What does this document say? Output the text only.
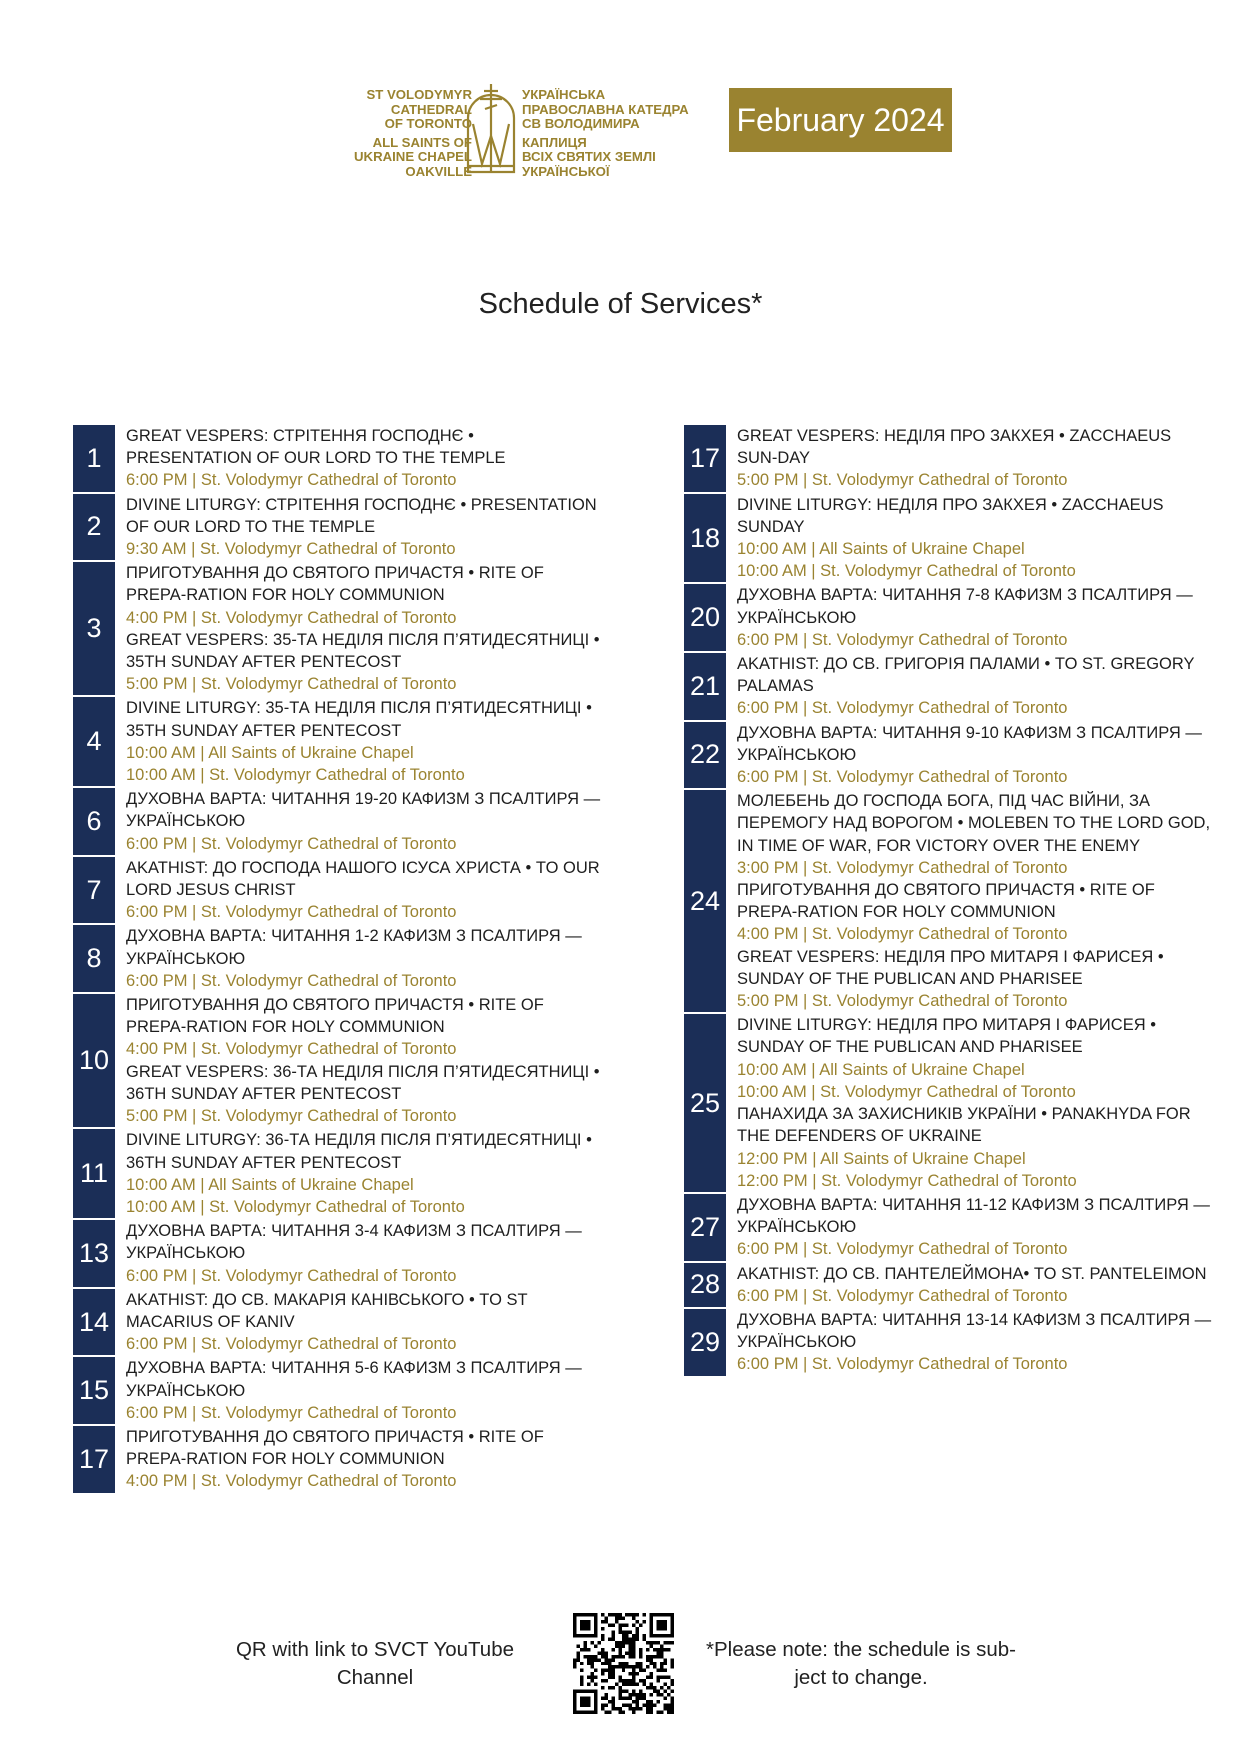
ST VOLODYMYR
CATHEDRAL
OF TORONTO
ALL SAINTS OF
UKRAINE CHAPEL
OAKVILLE
УКРАЇНСЬКА
ПРАВОСЛАВНА КАТЕДРА
СВ ВОЛОДИМИРА
КАПЛИЦЯ
ВСІХ СВЯТИХ ЗЕМЛІ
УКРАЇНСЬКОЇ
February 2024
Schedule of Services*
1
GREAT VESPERS: СТРІТЕННЯ ГОСПОДНЄ • PRESENTATION OF OUR LORD TO THE TEMPLE
6:00 PM | St. Volodymyr Cathedral of Toronto
2
DIVINE LITURGY: СТРІТЕННЯ ГОСПОДНЄ • PRESENTATION OF OUR LORD TO THE TEMPLE
9:30 AM | St. Volodymyr Cathedral of Toronto
3
ПРИГОТУВАННЯ ДО СВЯТОГО ПРИЧАСТЯ • RITE OF PREPA-RATION FOR HOLY COMMUNION
4:00 PM | St. Volodymyr Cathedral of Toronto
GREAT VESPERS: 35-ТА НЕДІЛЯ ПІСЛЯ П’ЯТИДЕСЯТНИЦІ • 35TH SUNDAY AFTER PENTECOST
5:00 PM | St. Volodymyr Cathedral of Toronto
4
DIVINE LITURGY: 35-ТА НЕДІЛЯ ПІСЛЯ П’ЯТИДЕСЯТНИЦІ • 35TH SUNDAY AFTER PENTECOST
10:00 AM | All Saints of Ukraine Chapel
10:00 AM | St. Volodymyr Cathedral of Toronto
6
ДУХОВНА ВАРТА: ЧИТАННЯ 19-20 КАФИЗМ З ПСАЛТИРЯ — УКРАЇНСЬКОЮ
6:00 PM | St. Volodymyr Cathedral of Toronto
7
AKATHIST: ДО ГОСПОДА НАШОГО ІСУСА ХРИСТА • TO OUR LORD JESUS CHRIST
6:00 PM | St. Volodymyr Cathedral of Toronto
8
ДУХОВНА ВАРТА: ЧИТАННЯ 1-2 КАФИЗМ З ПСАЛТИРЯ — УКРАЇНСЬКОЮ
6:00 PM | St. Volodymyr Cathedral of Toronto
10
ПРИГОТУВАННЯ ДО СВЯТОГО ПРИЧАСТЯ • RITE OF PREPA-RATION FOR HOLY COMMUNION
4:00 PM | St. Volodymyr Cathedral of Toronto
GREAT VESPERS: 36-ТА НЕДІЛЯ ПІСЛЯ П’ЯТИДЕСЯТНИЦІ • 36TH SUNDAY AFTER PENTECOST
5:00 PM | St. Volodymyr Cathedral of Toronto
11
DIVINE LITURGY: 36-ТА НЕДІЛЯ ПІСЛЯ П’ЯТИДЕСЯТНИЦІ • 36TH SUNDAY AFTER PENTECOST
10:00 AM | All Saints of Ukraine Chapel
10:00 AM | St. Volodymyr Cathedral of Toronto
13
ДУХОВНА ВАРТА: ЧИТАННЯ 3-4 КАФИЗМ З ПСАЛТИРЯ — УКРАЇНСЬКОЮ
6:00 PM | St. Volodymyr Cathedral of Toronto
14
AKATHIST: ДО СВ. МАКАРІЯ КАНІВСЬКОГО • TO ST MACARIUS OF KANIV
6:00 PM | St. Volodymyr Cathedral of Toronto
15
ДУХОВНА ВАРТА: ЧИТАННЯ 5-6 КАФИЗМ З ПСАЛТИРЯ — УКРАЇНСЬКОЮ
6:00 PM | St. Volodymyr Cathedral of Toronto
17
ПРИГОТУВАННЯ ДО СВЯТОГО ПРИЧАСТЯ • RITE OF PREPA-RATION FOR HOLY COMMUNION
4:00 PM | St. Volodymyr Cathedral of Toronto
17
GREAT VESPERS: НЕДІЛЯ ПРО ЗАКХЕЯ • ZACCHAEUS SUN-DAY
5:00 PM | St. Volodymyr Cathedral of Toronto
18
DIVINE LITURGY: НЕДІЛЯ ПРО ЗАКХЕЯ • ZACCHAEUS SUNDAY
10:00 AM | All Saints of Ukraine Chapel
10:00 AM | St. Volodymyr Cathedral of Toronto
20
ДУХОВНА ВАРТА: ЧИТАННЯ 7-8 КАФИЗМ З ПСАЛТИРЯ — УКРАЇНСЬКОЮ
6:00 PM | St. Volodymyr Cathedral of Toronto
21
AKATHIST: ДО СВ. ГРИГОРІЯ ПАЛАМИ • TO ST. GREGORY PALAMAS
6:00 PM | St. Volodymyr Cathedral of Toronto
22
ДУХОВНА ВАРТА: ЧИТАННЯ 9-10 КАФИЗМ З ПСАЛТИРЯ — УКРАЇНСЬКОЮ
6:00 PM | St. Volodymyr Cathedral of Toronto
24
МОЛЕБЕНЬ ДО ГОСПОДА БОГА, ПІД ЧАС ВІЙНИ, ЗА ПЕРЕМОГУ НАД ВОРОГОМ • MOLEBEN TO THE LORD GOD, IN TIME OF WAR, FOR VICTORY OVER THE ENEMY
3:00 PM | St. Volodymyr Cathedral of Toronto
ПРИГОТУВАННЯ ДО СВЯТОГО ПРИЧАСТЯ • RITE OF PREPA-RATION FOR HOLY COMMUNION
4:00 PM | St. Volodymyr Cathedral of Toronto
GREAT VESPERS: НЕДІЛЯ ПРО МИТАРЯ І ФАРИСЕЯ • SUNDAY OF THE PUBLICAN AND PHARISEE
5:00 PM | St. Volodymyr Cathedral of Toronto
25
DIVINE LITURGY: НЕДІЛЯ ПРО МИТАРЯ І ФАРИСЕЯ • SUNDAY OF THE PUBLICAN AND PHARISEE
10:00 AM | All Saints of Ukraine Chapel
10:00 AM | St. Volodymyr Cathedral of Toronto
ПАНАХИДА ЗА ЗАХИСНИКІВ УКРАЇНИ • PANAKHYDA FOR THE DEFENDERS OF UKRAINE
12:00 PM | All Saints of Ukraine Chapel
12:00 PM | St. Volodymyr Cathedral of Toronto
27
ДУХОВНА ВАРТА: ЧИТАННЯ 11-12 КАФИЗМ З ПСАЛТИРЯ — УКРАЇНСЬКОЮ
6:00 PM | St. Volodymyr Cathedral of Toronto
28	AKATHIST: ДО СВ. ПАНТЕЛЕЙМОНА• TO ST. PANTELEIMON
6:00 PM | St. Volodymyr Cathedral of Toronto
29
ДУХОВНА ВАРТА: ЧИТАННЯ 13-14 КАФИЗМ З ПСАЛТИРЯ — УКРАЇНСЬКОЮ
6:00 PM | St. Volodymyr Cathedral of Toronto
QR with link to SVCT YouTube Channel
*Please note: the schedule is sub-ject to change.
